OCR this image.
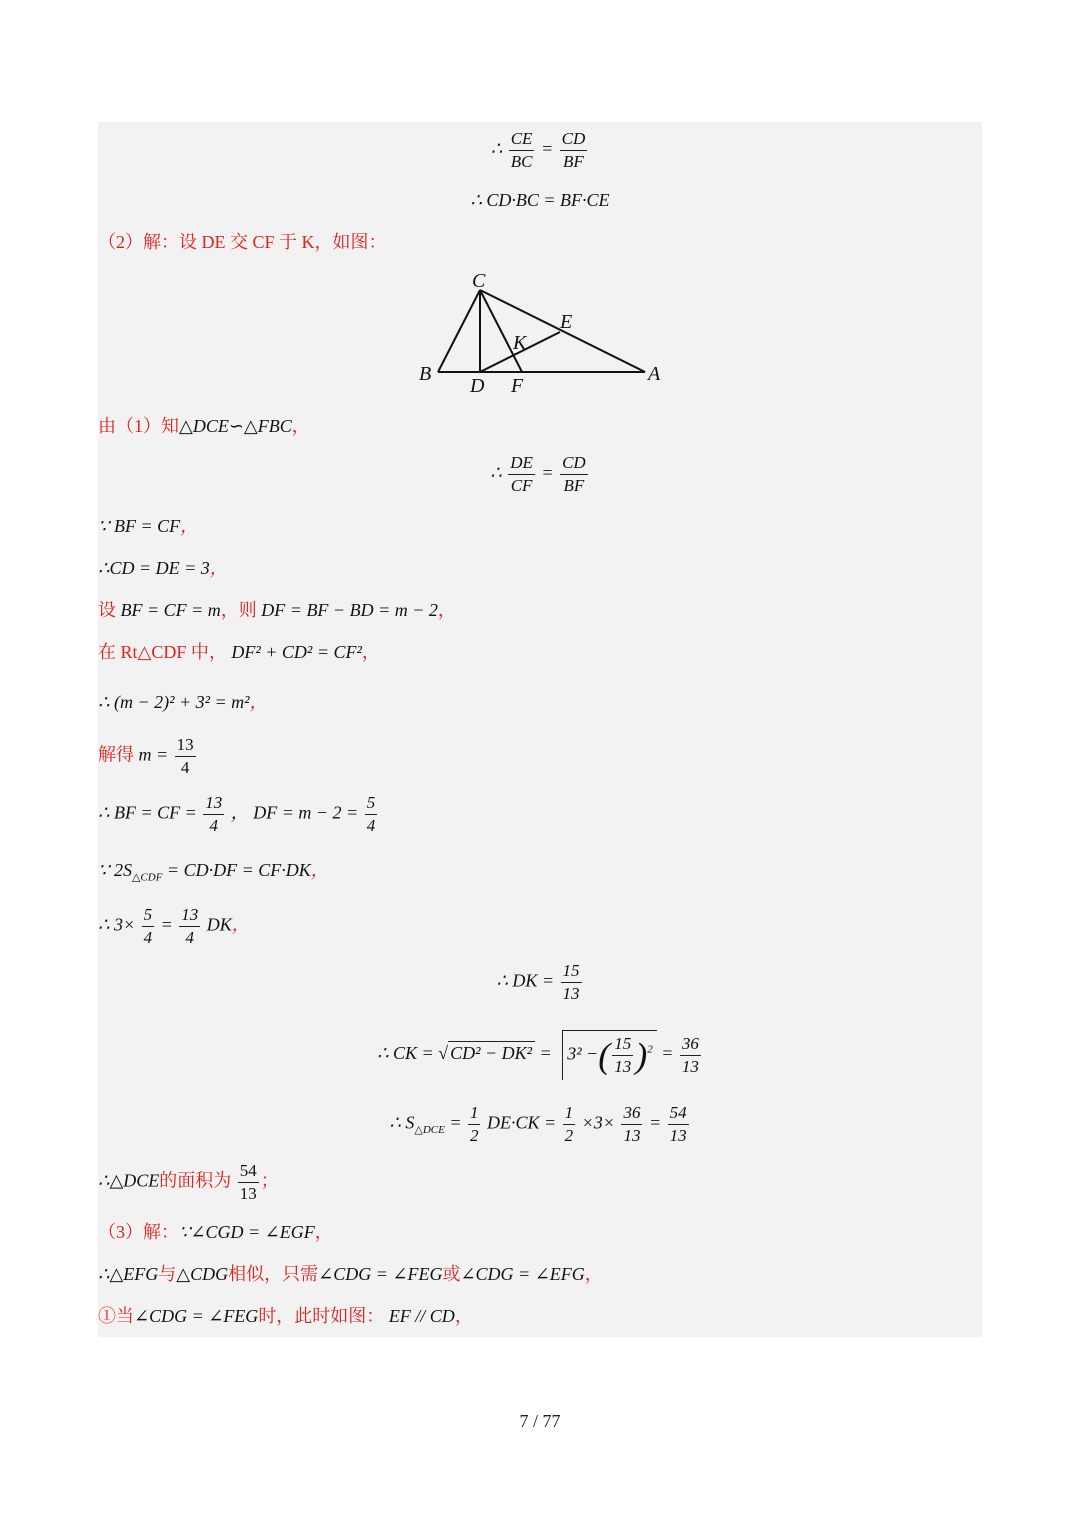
∴ $\frac{CE}{BC} = \frac{CD}{BF}$
∴ CD·BC = BF·CE
（2）解：设 DE 交 CF 于 K，如图：
C
E
K
B
D F
A
由（1）知△DCE∽△FBC，
∴ $\frac{DE}{CF} = \frac{CD}{BF}$
∵ BF = CF，
∴CD = DE = 3，
设 BF = CF = m，则 DF = BF − BD = m − 2，
在 Rt△CDF 中， DF² + CD² = CF²，
∴ (m − 2)² + 3² = m²，
解得 $m = \frac{13}{4}$
∴ BF = CF = $\frac{13}{4}$ ， DF = $m - 2 = \frac{5}{4}$
∵ $2S_{\triangle CDF} = CD\cdot DF = CF\cdot DK$，
∴ $3\times \frac{5}{4} = \frac{13}{4}$ DK，
∴ DK = $\frac{15}{13}$
∴ CK = √ CD² − DK² = 3² −( $\frac{15}{13} )^2 = \frac{36}{13}$
∴ $S_{\triangle DCE} = \frac{1}{2} DE\cdot CK = \frac{1}{2} \times 3\times \frac{36}{13} = \frac{54}{13}$
∴△DCE的面积为 $\frac{54}{13}$ ；
（3）解：∵∠CGD = ∠EGF，
∴△EFG与△CDG相似，只需∠CDG = ∠FEG或∠CDG = ∠EFG，
①当∠CDG = ∠FEG时，此时如图： EF // CD，
7 / 77
